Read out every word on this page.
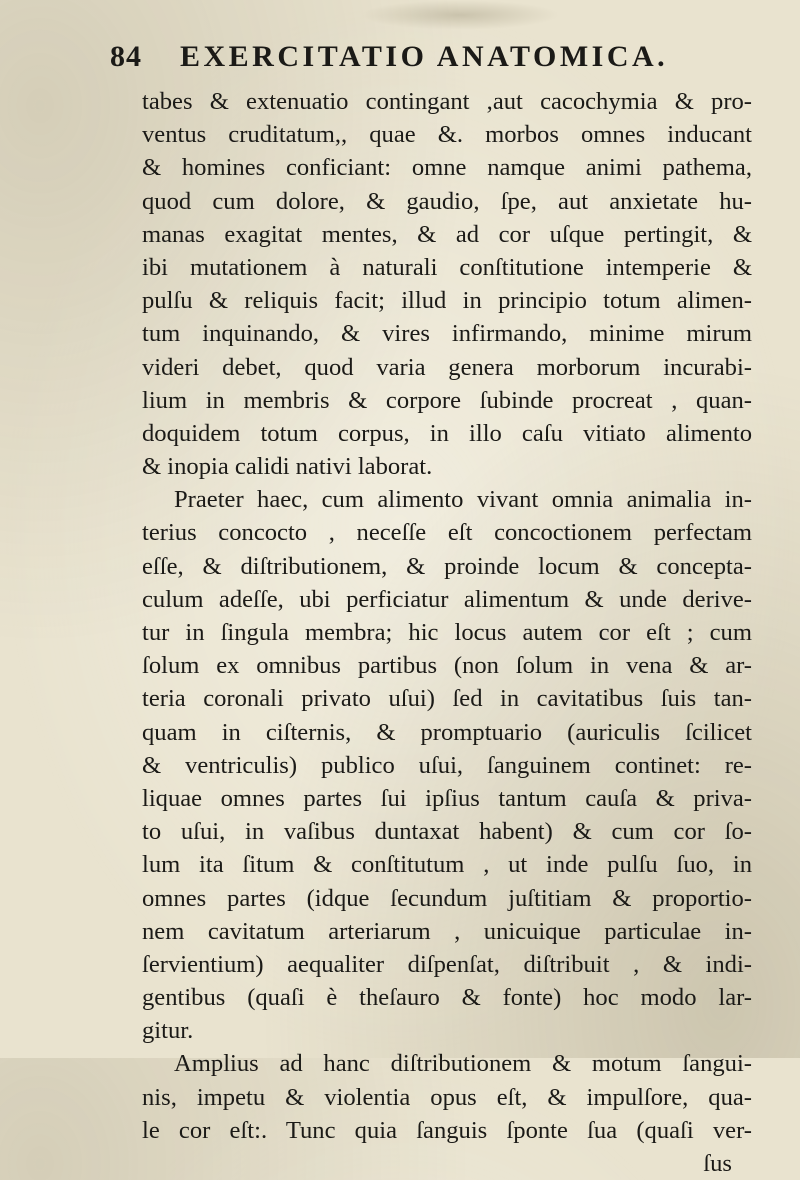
84	EXERCITATIO ANATOMICA.
tabes & extenuatio contingant ,aut cacochymia & pro-
ventus cruditatum,, quae &. morbos omnes inducant
& homines conficiant: omne namque animi pathema,
quod cum dolore, & gaudio, ſpe, aut anxietate hu-
manas exagitat mentes, & ad cor uſque pertingit, &
ibi mutationem à naturali conſtitutione intemperie &
pulſu & reliquis facit; illud in principio totum alimen-
tum inquinando, & vires infirmando, minime mirum
videri debet, quod varia genera morborum incurabi-
lium in membris & corpore ſubinde procreat , quan-
doquidem totum corpus, in illo caſu vitiato alimento
& inopia calidi nativi laborat.
Praeter haec, cum alimento vivant omnia animalia in-
terius concocto , neceſſe eſt concoctionem perfectam
eſſe, & diſtributionem, & proinde locum & concepta-
culum adeſſe, ubi perficiatur alimentum & unde derive-
tur in ſingula membra; hic locus autem cor eſt ; cum
ſolum ex omnibus partibus (non ſolum in vena & ar-
teria coronali privato uſui) ſed in cavitatibus ſuis tan-
quam in ciſternis, & promptuario (auriculis ſcilicet
& ventriculis) publico uſui, ſanguinem continet: re-
liquae omnes partes ſui ipſius tantum cauſa & priva-
to uſui, in vaſibus duntaxat habent) & cum cor ſo-
lum ita ſitum & conſtitutum , ut inde pulſu ſuo, in
omnes partes (idque ſecundum juſtitiam & proportio-
nem cavitatum arteriarum , unicuique particulae in-
ſervientium) aequaliter diſpenſat, diſtribuit , & indi-
gentibus (quaſi è theſauro & fonte) hoc modo lar-
gitur.
Amplius ad hanc diſtributionem & motum ſangui-
nis, impetu & violentia opus eſt, & impulſore, qua-
le cor eſt:. Tunc quia ſanguis ſponte ſua (quaſi ver-
ſus
